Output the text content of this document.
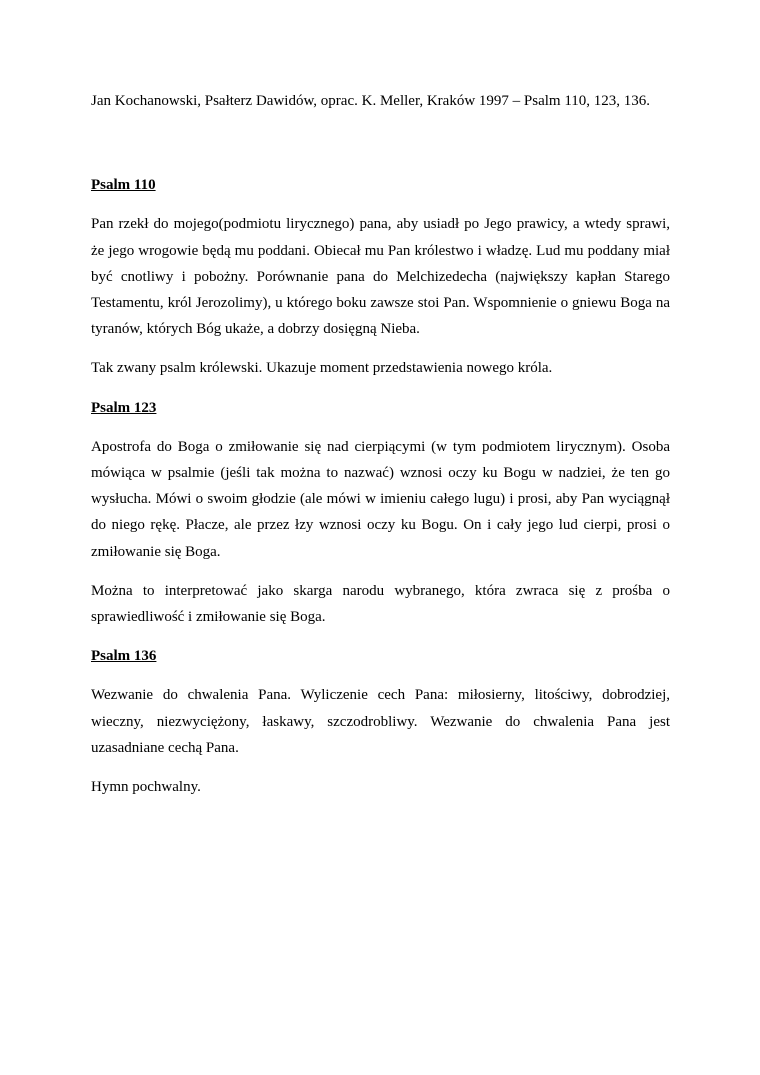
Jan Kochanowski, Psałterz Dawidów, oprac. K. Meller, Kraków 1997 – Psalm 110, 123, 136.

Psalm 110

Pan rzekł do mojego(podmiotu lirycznego) pana, aby usiadł po Jego prawicy, a wtedy sprawi, że jego wrogowie będą mu poddani. Obiecał mu Pan królestwo i władzę. Lud mu poddany miał być cnotliwy i pobożny. Porównanie pana do Melchizedecha (największy kapłan Starego Testamentu, król Jerozolimy), u którego boku zawsze stoi Pan. Wspomnienie o gniewu Boga na tyranów, których Bóg ukaże, a dobrzy dosięgną Nieba.

Tak zwany psalm królewski. Ukazuje moment przedstawienia nowego króla.

Psalm 123

Apostrofa do Boga o zmiłowanie się nad cierpiącymi (w tym podmiotem lirycznym). Osoba mówiąca w psalmie (jeśli tak można to nazwać) wznosi oczy ku Bogu w nadziei, że ten go wysłucha. Mówi o swoim głodzie (ale mówi w imieniu całego lugu) i prosi, aby Pan wyciągnął do niego rękę. Płacze, ale przez łzy wznosi oczy ku Bogu. On i cały jego lud cierpi, prosi o zmiłowanie się Boga.

Można to interpretować jako skarga narodu wybranego, która zwraca się z prośba o sprawiedliwość i zmiłowanie się Boga.

Psalm 136

Wezwanie do chwalenia Pana. Wyliczenie cech Pana: miłosierny, litościwy, dobrodziej, wieczny, niezwyciężony, łaskawy, szczodrobliwy. Wezwanie do chwalenia Pana jest uzasadniane cechą Pana.

Hymn pochwalny.
